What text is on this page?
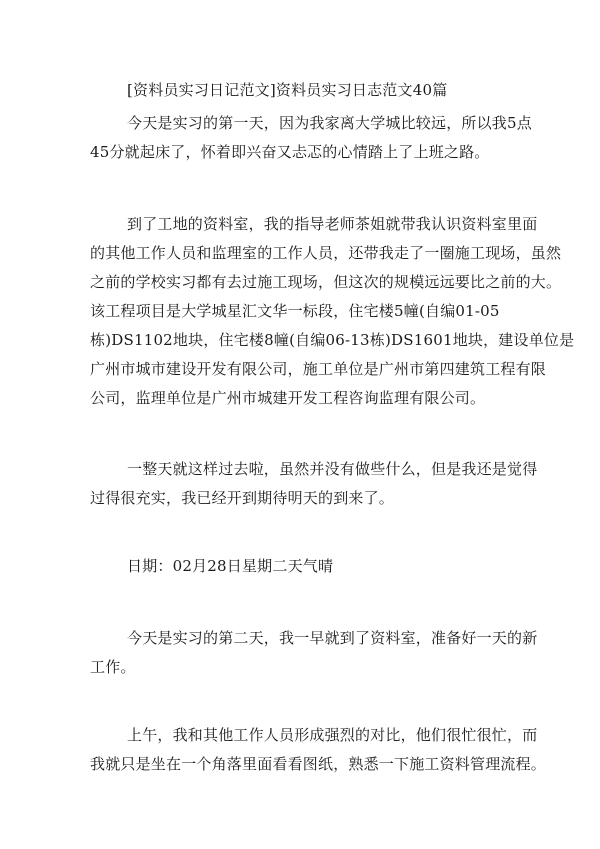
[资料员实习日记范文]资料员实习日志范文40篇
今天是实习的第一天，因为我家离大学城比较远，所以我5点
45分就起床了，怀着即兴奋又忐忑的心情踏上了上班之路。
到了工地的资料室，我的指导老师茶姐就带我认识资料室里面
的其他工作人员和监理室的工作人员，还带我走了一圈施工现场，虽然
之前的学校实习都有去过施工现场，但这次的规模远远要比之前的大。
该工程项目是大学城星汇文华一标段，住宅楼5幢(自编01-05
栋)DS1102地块，住宅楼8幢(自编06-13栋)DS1601地块，建设单位是
广州市城市建设开发有限公司，施工单位是广州市第四建筑工程有限
公司，监理单位是广州市城建开发工程咨询监理有限公司。
一整天就这样过去啦，虽然并没有做些什么，但是我还是觉得
过得很充实，我已经开到期待明天的到来了。
日期：02月28日星期二天气晴
今天是实习的第二天，我一早就到了资料室，准备好一天的新
工作。
上午，我和其他工作人员形成强烈的对比，他们很忙很忙，而
我就只是坐在一个角落里面看看图纸，熟悉一下施工资料管理流程。
